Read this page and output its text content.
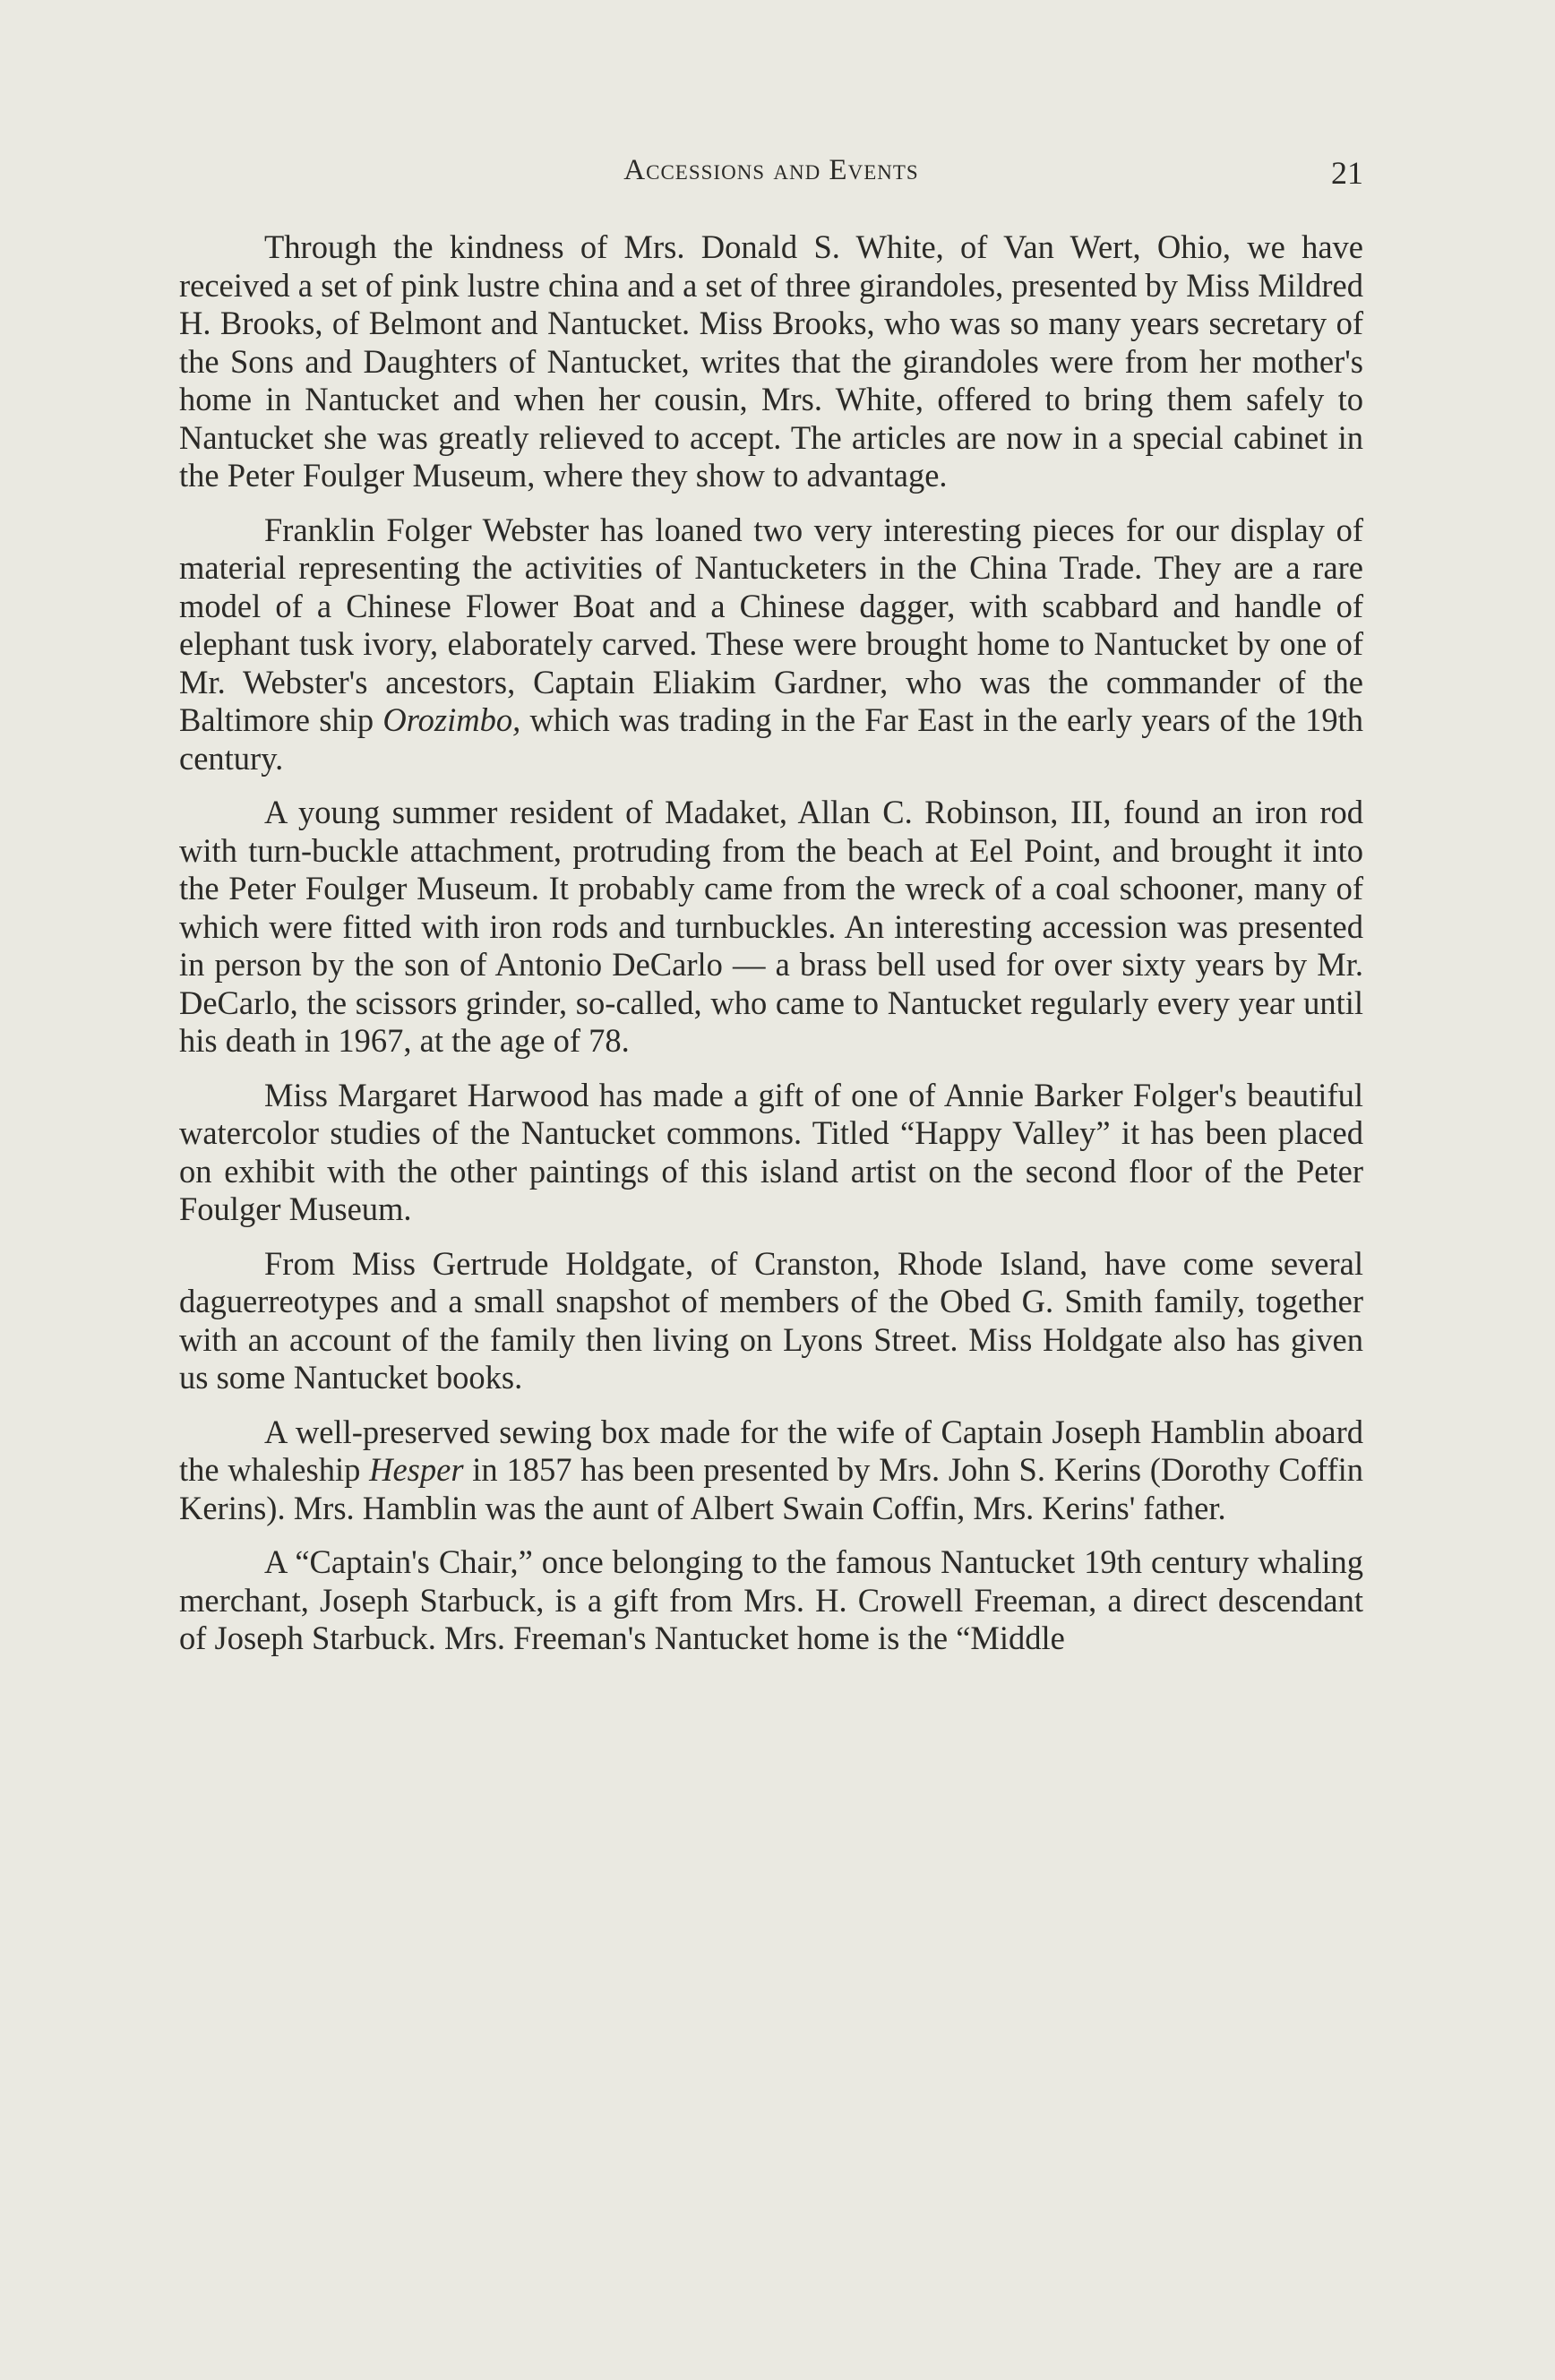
Accessions and Events	21

Through the kindness of Mrs. Donald S. White, of Van Wert, Ohio, we have received a set of pink lustre china and a set of three girandoles, presented by Miss Mildred H. Brooks, of Belmont and Nantucket. Miss Brooks, who was so many years secretary of the Sons and Daughters of Nantucket, writes that the girandoles were from her mother's home in Nantucket and when her cousin, Mrs. White, offered to bring them safely to Nantucket she was greatly relieved to accept. The articles are now in a special cabinet in the Peter Foulger Museum, where they show to advantage.

Franklin Folger Webster has loaned two very interesting pieces for our display of material representing the activities of Nantucketers in the China Trade. They are a rare model of a Chinese Flower Boat and a Chinese dagger, with scabbard and handle of elephant tusk ivory, elaborately carved. These were brought home to Nantucket by one of Mr. Webster's ancestors, Captain Eliakim Gardner, who was the commander of the Baltimore ship Orozimbo, which was trading in the Far East in the early years of the 19th century.

A young summer resident of Madaket, Allan C. Robinson, III, found an iron rod with turn-buckle attachment, protruding from the beach at Eel Point, and brought it into the Peter Foulger Museum. It probably came from the wreck of a coal schooner, many of which were fitted with iron rods and turnbuckles. An interesting accession was presented in person by the son of Antonio DeCarlo — a brass bell used for over sixty years by Mr. DeCarlo, the scissors grinder, so-called, who came to Nantucket regularly every year until his death in 1967, at the age of 78.

Miss Margaret Harwood has made a gift of one of Annie Barker Folger's beautiful watercolor studies of the Nantucket commons. Titled “Happy Valley” it has been placed on exhibit with the other paintings of this island artist on the second floor of the Peter Foulger Museum.

From Miss Gertrude Holdgate, of Cranston, Rhode Island, have come several daguerreotypes and a small snapshot of members of the Obed G. Smith family, together with an account of the family then living on Lyons Street. Miss Holdgate also has given us some Nantucket books.

A well-preserved sewing box made for the wife of Captain Joseph Hamblin aboard the whaleship Hesper in 1857 has been presented by Mrs. John S. Kerins (Dorothy Coffin Kerins). Mrs. Hamblin was the aunt of Albert Swain Coffin, Mrs. Kerins' father.

A “Captain's Chair,” once belonging to the famous Nantucket 19th century whaling merchant, Joseph Starbuck, is a gift from Mrs. H. Crowell Freeman, a direct descendant of Joseph Starbuck. Mrs. Freeman's Nantucket home is the “Middle
